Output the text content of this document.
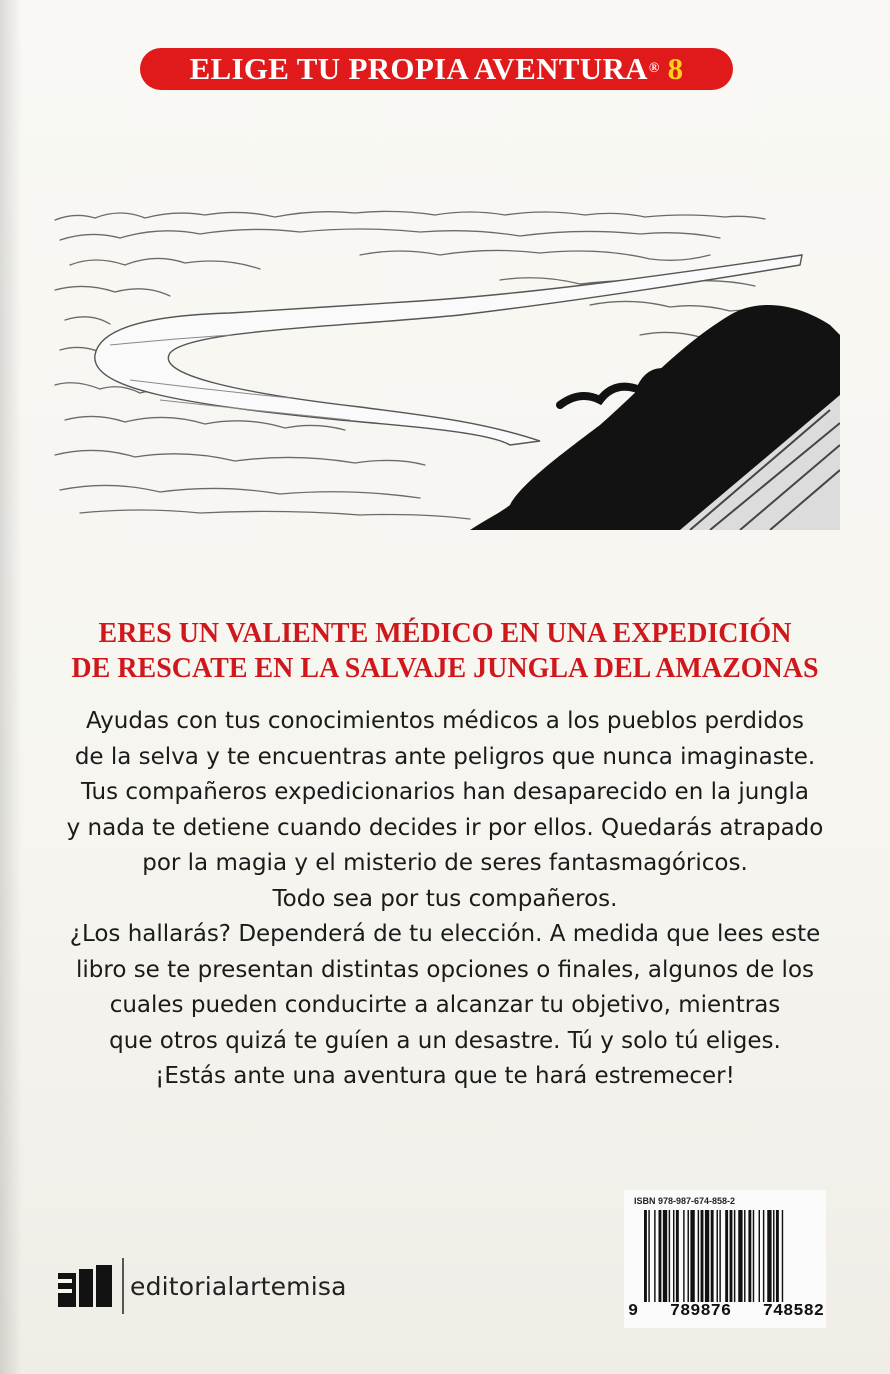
ELIGE TU PROPIA AVENTURA ® 8
ERES UN VALIENTE MÉDICO EN UNA EXPEDICIÓN
DE RESCATE EN LA SALVAJE JUNGLA DEL AMAZONAS
Ayudas con tus conocimientos médicos a los pueblos perdidos
de la selva y te encuentras ante peligros que nunca imaginaste.
Tus compañeros expedicionarios han desaparecido en la jungla
y nada te detiene cuando decides ir por ellos. Quedarás atrapado
por la magia y el misterio de seres fantasmagóricos.
Todo sea por tus compañeros.
¿Los hallarás? Dependerá de tu elección. A medida que lees este
libro se te presentan distintas opciones o finales, algunos de los
cuales pueden conducirte a alcanzar tu objetivo, mientras
que otros quizá te guíen a un desastre. Tú y solo tú eliges.
¡Estás ante una aventura que te hará estremecer!
editorialartemisa
ISBN 978-987-674-858-2
9 789876 748582
